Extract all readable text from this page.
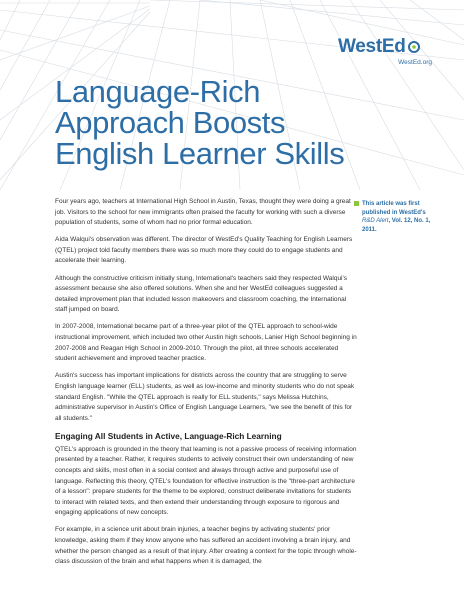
WestEd
WestEd.org
Language-Rich
Approach Boosts
English Learner Skills
This article was first
published in WestEd's
R&D Alert, Vol. 12, No. 1,
2011.

Four years ago, teachers at International High School in Austin, Texas, thought they were doing a great job. Visitors to the school for new immigrants often praised the faculty for working with such a diverse population of students, some of whom had no prior formal education.

Aída Walqui's observation was different. The director of WestEd's Quality Teaching for English Learners (QTEL) project told faculty members there was so much more they could do to engage students and accelerate their learning.

Although the constructive criticism initially stung, International's teachers said they respected Walqui's assessment because she also offered solutions. When she and her WestEd colleagues suggested a detailed improvement plan that included lesson makeovers and classroom coaching, the International staff jumped on board.

In 2007-2008, International became part of a three-year pilot of the QTEL approach to school-wide instructional improvement, which included two other Austin high schools, Lanier High School beginning in 2007-2008 and Reagan High School in 2009-2010. Through the pilot, all three schools accelerated student achievement and improved teacher practice.

Austin's success has important implications for districts across the country that are struggling to serve English language learner (ELL) students, as well as low-income and minority students who do not speak standard English. "While the QTEL approach is really for ELL students," says Melissa Hutchins, administrative supervisor in Austin's Office of English Language Learners, "we see the benefit of this for all students."

Engaging All Students in Active, Language-Rich Learning

QTEL's approach is grounded in the theory that learning is not a passive process of receiving information presented by a teacher. Rather, it requires students to actively construct their own understanding of new concepts and skills, most often in a social context and always through active and purposeful use of language. Reflecting this theory, QTEL's foundation for effective instruction is the "three-part architecture of a lesson": prepare students for the theme to be explored, construct deliberate invitations for students to interact with related texts, and then extend their understanding through exposure to rigorous and engaging applications of new concepts.

For example, in a science unit about brain injuries, a teacher begins by activating students' prior knowledge, asking them if they know anyone who has suffered an accident involving a brain injury, and whether the person changed as a result of that injury. After creating a context for the topic through whole-class discussion of the brain and what happens when it is damaged, the
